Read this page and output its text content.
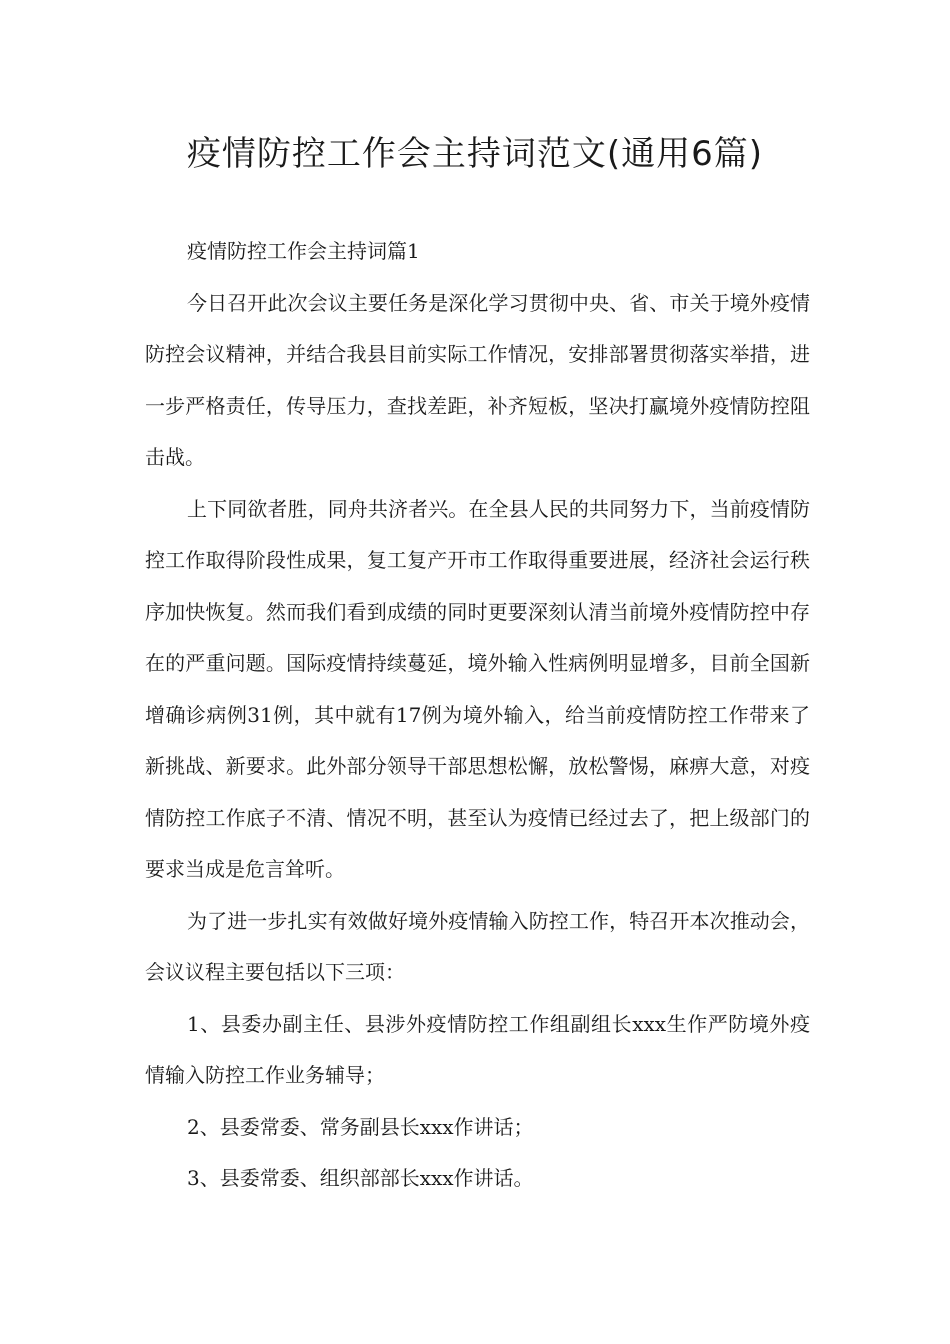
疫情防控工作会主持词范文(通用6篇)

疫情防控工作会主持词篇1

今日召开此次会议主要任务是深化学习贯彻中央、省、市关于境外疫情防控会议精神，并结合我县目前实际工作情况，安排部署贯彻落实举措，进一步严格责任，传导压力，查找差距，补齐短板，坚决打赢境外疫情防控阻击战。

上下同欲者胜，同舟共济者兴。在全县人民的共同努力下，当前疫情防控工作取得阶段性成果，复工复产开市工作取得重要进展，经济社会运行秩序加快恢复。然而我们看到成绩的同时更要深刻认清当前境外疫情防控中存在的严重问题。国际疫情持续蔓延，境外输入性病例明显增多，目前全国新增确诊病例31例，其中就有17例为境外输入，给当前疫情防控工作带来了新挑战、新要求。此外部分领导干部思想松懈，放松警惕，麻痹大意，对疫情防控工作底子不清、情况不明，甚至认为疫情已经过去了，把上级部门的要求当成是危言耸听。

为了进一步扎实有效做好境外疫情输入防控工作，特召开本次推动会，会议议程主要包括以下三项：

1、县委办副主任、县涉外疫情防控工作组副组长xxx生作严防境外疫情输入防控工作业务辅导；

2、县委常委、常务副县长xxx作讲话；

3、县委常委、组织部部长xxx作讲话。
